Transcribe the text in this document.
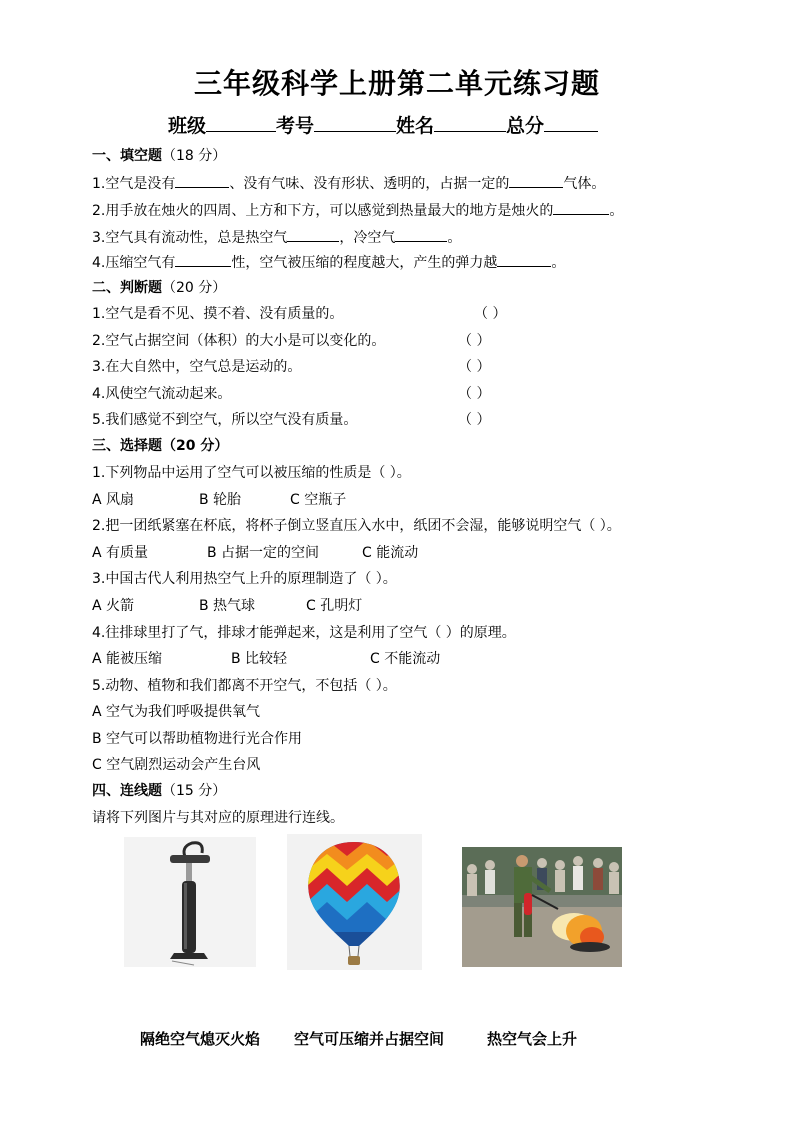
三年级科学上册第二单元练习题
班级	考号	姓名	总分
一、填空题（18 分）
1.空气是没有	、没有气味、没有形状、透明的，占据一定的	气体。
2.用手放在烛火的四周、上方和下方，可以感觉到热量最大的地方是烛火的	。
3.空气具有流动性，总是热空气	，冷空气	。
4.压缩空气有	性，空气被压缩的程度越大，产生的弹力越	。
二、判断题（20 分）
1.空气是看不见、摸不着、没有质量的。	（ ）
2.空气占据空间（体积）的大小是可以变化的。	（ ）
3.在大自然中，空气总是运动的。	（ ）
4.风使空气流动起来。	（ ）
5.我们感觉不到空气，所以空气没有质量。	（ ）
三、选择题（20 分）
1.下列物品中运用了空气可以被压缩的性质是（ ）。
A 风扇	B 轮胎	C 空瓶子
2.把一团纸紧塞在杯底，将杯子倒立竖直压入水中，纸团不会湿，能够说明空气（ ）。
A 有质量	B 占据一定的空间	C 能流动
3.中国古代人利用热空气上升的原理制造了（ ）。
A 火箭	B 热气球	C 孔明灯
4.往排球里打了气，排球才能弹起来，这是利用了空气（ ）的原理。
A 能被压缩	B 比较轻	C 不能流动
5.动物、植物和我们都离不开空气，不包括（ ）。
A 空气为我们呼吸提供氧气
B 空气可以帮助植物进行光合作用
C 空气剧烈运动会产生台风
四、连线题（15 分）
请将下列图片与其对应的原理进行连线。
隔绝空气熄灭火焰 空气可压缩并占据空间	热空气会上升
